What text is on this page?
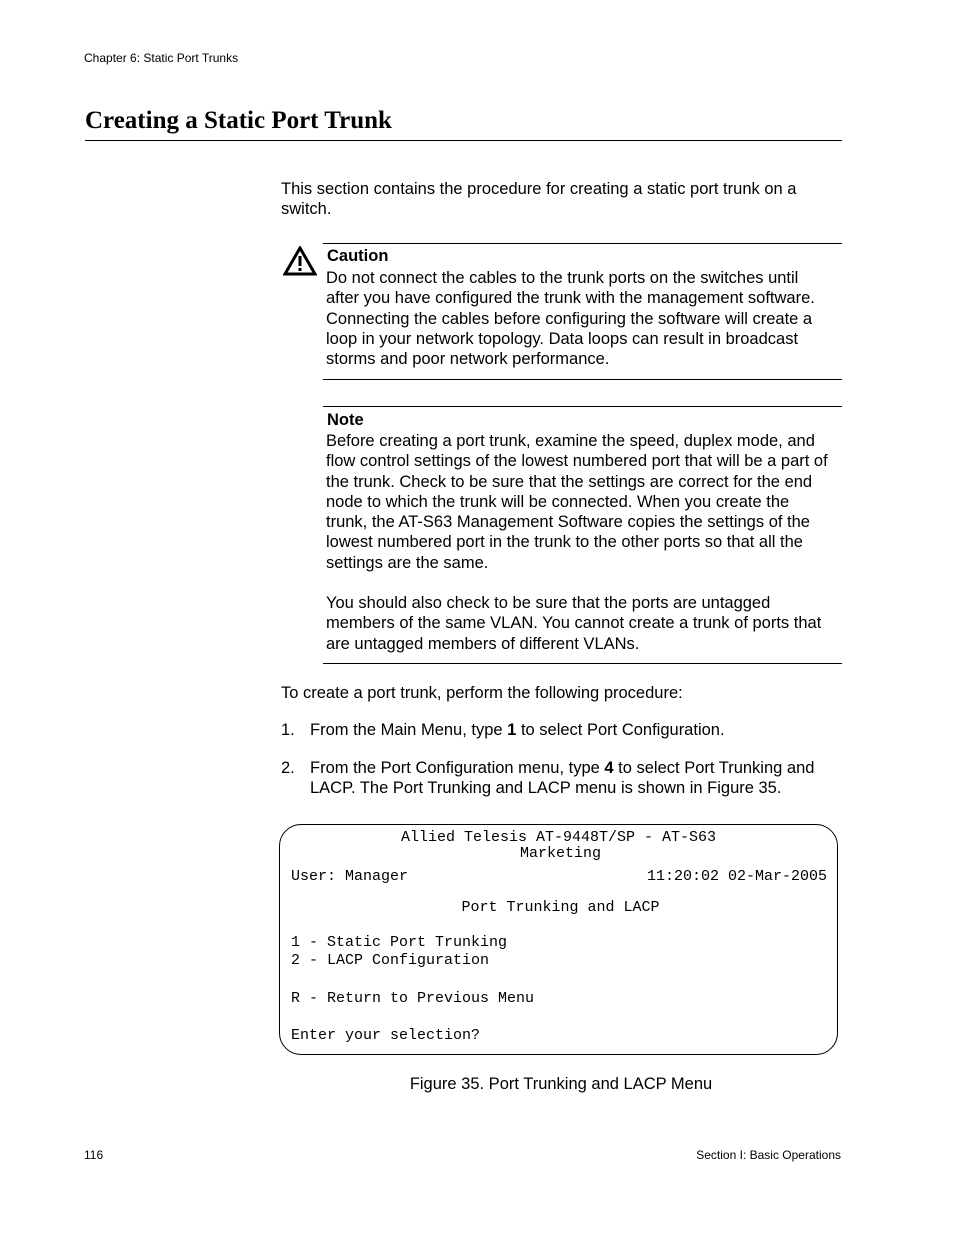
Chapter 6: Static Port Trunks
Creating a Static Port Trunk

This section contains the procedure for creating a static port trunk on a switch.

Caution
Do not connect the cables to the trunk ports on the switches until
after you have configured the trunk with the management software.
Connecting the cables before configuring the software will create a
loop in your network topology. Data loops can result in broadcast
storms and poor network performance.
Note
Before creating a port trunk, examine the speed, duplex mode, and
flow control settings of the lowest numbered port that will be a part of
the trunk. Check to be sure that the settings are correct for the end
node to which the trunk will be connected. When you create the
trunk, the AT-S63 Management Software copies the settings of the
lowest numbered port in the trunk to the other ports so that all the
settings are the same.
You should also check to be sure that the ports are untagged
members of the same VLAN. You cannot create a trunk of ports that
are untagged members of different VLANs.

To create a port trunk, perform the following procedure:

1. From the Main Menu, type 1 to select Port Configuration.
2. From the Port Configuration menu, type 4 to select Port Trunking and
LACP. The Port Trunking and LACP menu is shown in Figure 35.
Allied Telesis AT-9448T/SP - AT-S63
Marketing
User: Manager	11:20:02 02-Mar-2005
Port Trunking and LACP
1 - Static Port Trunking
2 - LACP Configuration
R - Return to Previous Menu
Enter your selection?
Figure 35. Port Trunking and LACP Menu
116	Section I: Basic Operations
